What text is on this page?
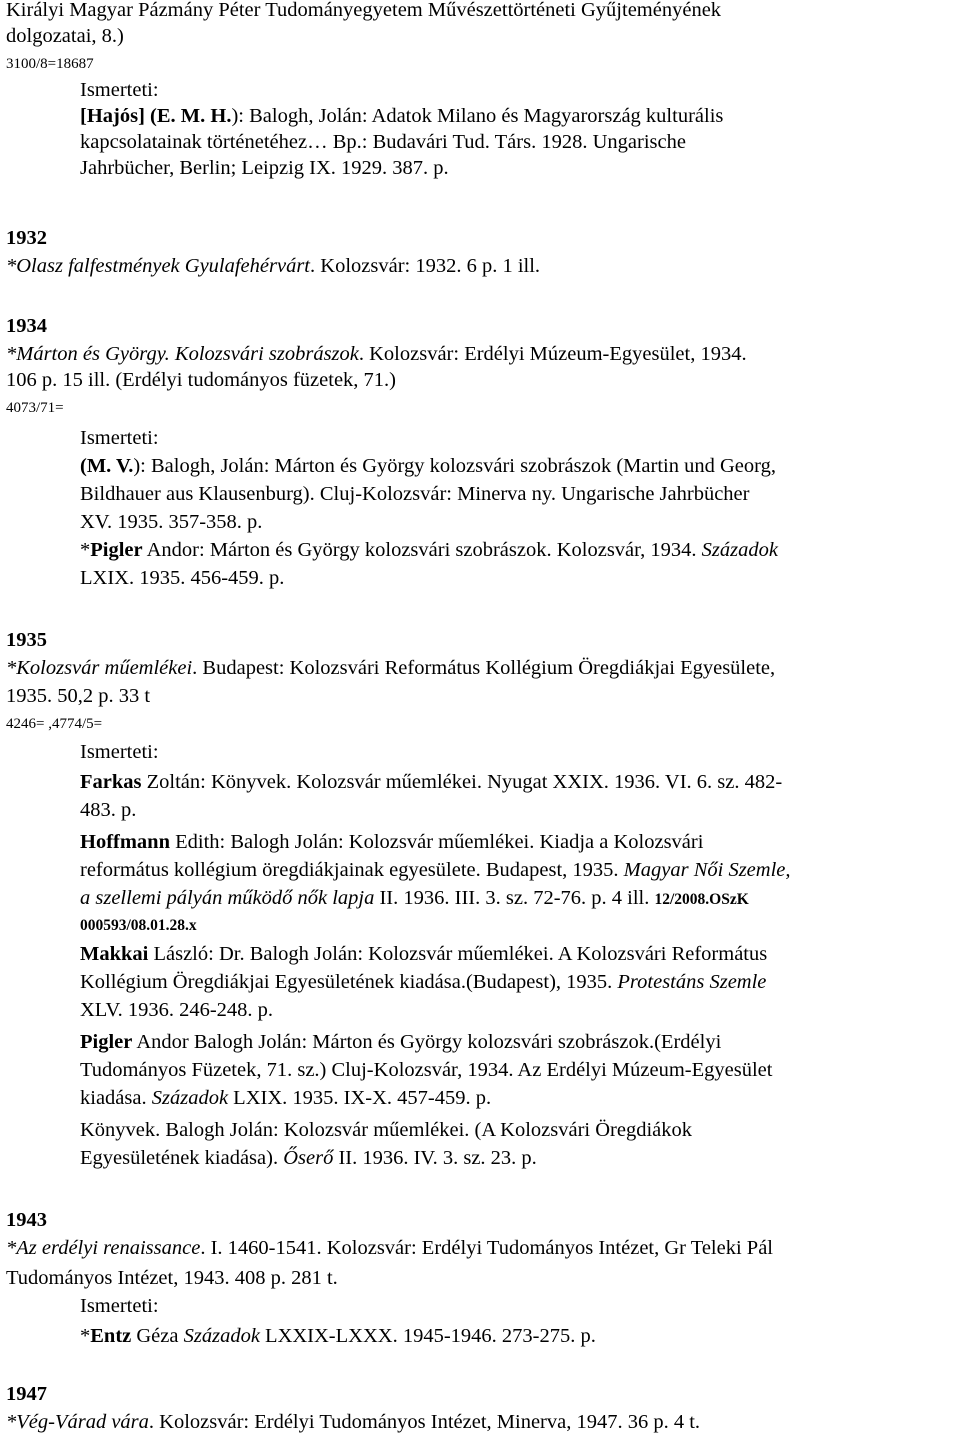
Királyi Magyar Pázmány Péter Tudományegyetem Művészettörténeti Gyűjteményének
dolgozatai, 8.)
3100/8=18687
Ismerteti:
[Hajós] (E. M. H.): Balogh, Jolán: Adatok Milano és Magyarország kulturális
kapcsolatainak történetéhez… Bp.: Budavári Tud. Társ. 1928. Ungarische
Jahrbücher, Berlin; Leipzig IX. 1929. 387. p.
1932
*Olasz falfestmények Gyulafehérvárt. Kolozsvár: 1932. 6 p. 1 ill.
1934
*Márton és György. Kolozsvári szobrászok. Kolozsvár: Erdélyi Múzeum-Egyesület, 1934.
106 p. 15 ill. (Erdélyi tudományos füzetek, 71.)
4073/71=
Ismerteti:
(M. V.): Balogh, Jolán: Márton és György kolozsvári szobrászok (Martin und Georg,
Bildhauer aus Klausenburg). Cluj-Kolozsvár: Minerva ny. Ungarische Jahrbücher
XV. 1935. 357-358. p.
*Pigler Andor: Márton és György kolozsvári szobrászok. Kolozsvár, 1934. Századok
LXIX. 1935. 456-459. p.
1935
*Kolozsvár műemlékei. Budapest: Kolozsvári Református Kollégium Öregdiákjai Egyesülete,
1935. 50,2 p. 33 t
4246= ,4774/5=
Ismerteti:
Farkas Zoltán: Könyvek. Kolozsvár műemlékei. Nyugat XXIX. 1936. VI. 6. sz. 482-
483. p.
Hoffmann Edith: Balogh Jolán: Kolozsvár műemlékei. Kiadja a Kolozsvári
református kollégium öregdiákjainak egyesülete. Budapest, 1935. Magyar Női Szemle,
a szellemi pályán működő nők lapja II. 1936. III. 3. sz. 72-76. p. 4 ill. 12/2008.OSzK
000593/08.01.28.x
Makkai László: Dr. Balogh Jolán: Kolozsvár műemlékei. A Kolozsvári Református
Kollégium Öregdiákjai Egyesületének kiadása.(Budapest), 1935. Protestáns Szemle
XLV. 1936. 246-248. p.
Pigler Andor Balogh Jolán: Márton és György kolozsvári szobrászok.(Erdélyi
Tudományos Füzetek, 71. sz.) Cluj-Kolozsvár, 1934. Az Erdélyi Múzeum-Egyesület
kiadása. Századok LXIX. 1935. IX-X. 457-459. p.
Könyvek. Balogh Jolán: Kolozsvár műemlékei. (A Kolozsvári Öregdiákok
Egyesületének kiadása). Őserő II. 1936. IV. 3. sz. 23. p.
1943
*Az erdélyi renaissance. I. 1460-1541. Kolozsvár: Erdélyi Tudományos Intézet, Gr Teleki Pál
Tudományos Intézet, 1943. 408 p. 281 t.
Ismerteti:
*Entz Géza Századok LXXIX-LXXX. 1945-1946. 273-275. p.
1947
*Vég-Várad vára. Kolozsvár: Erdélyi Tudományos Intézet, Minerva, 1947. 36 p. 4 t.
